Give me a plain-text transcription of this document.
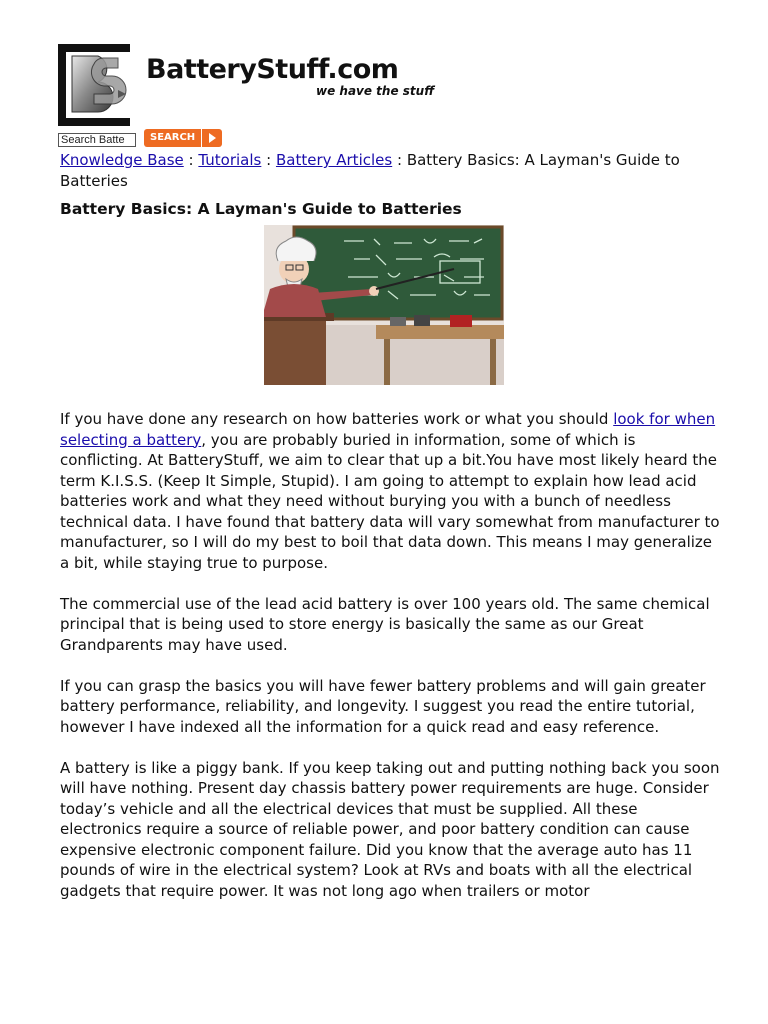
BatteryStuff.com
we have the stuff
Search Batte
SEARCH

Knowledge Base : Tutorials : Battery Articles : Battery Basics: A Layman's Guide to Batteries

Battery Basics: A Layman's Guide to Batteries

If you have done any research on how batteries work or what you should look for when selecting a battery, you are probably buried in information, some of which is conflicting. At BatteryStuff, we aim to clear that up a bit.You have most likely heard the term K.I.S.S. (Keep It Simple, Stupid). I am going to attempt to explain how lead acid batteries work and what they need without burying you with a bunch of needless technical data. I have found that battery data will vary somewhat from manufacturer to manufacturer, so I will do my best to boil that data down. This means I may generalize a bit, while staying true to purpose.

The commercial use of the lead acid battery is over 100 years old. The same chemical principal that is being used to store energy is basically the same as our Great Grandparents may have used.

If you can grasp the basics you will have fewer battery problems and will gain greater battery performance, reliability, and longevity. I suggest you read the entire tutorial, however I have indexed all the information for a quick read and easy reference.

A battery is like a piggy bank. If you keep taking out and putting nothing back you soon will have nothing. Present day chassis battery power requirements are huge. Consider today’s vehicle and all the electrical devices that must be supplied. All these electronics require a source of reliable power, and poor battery condition can cause expensive electronic component failure. Did you know that the average auto has 11 pounds of wire in the electrical system? Look at RVs and boats with all the electrical gadgets that require power. It was not long ago when trailers or motor
